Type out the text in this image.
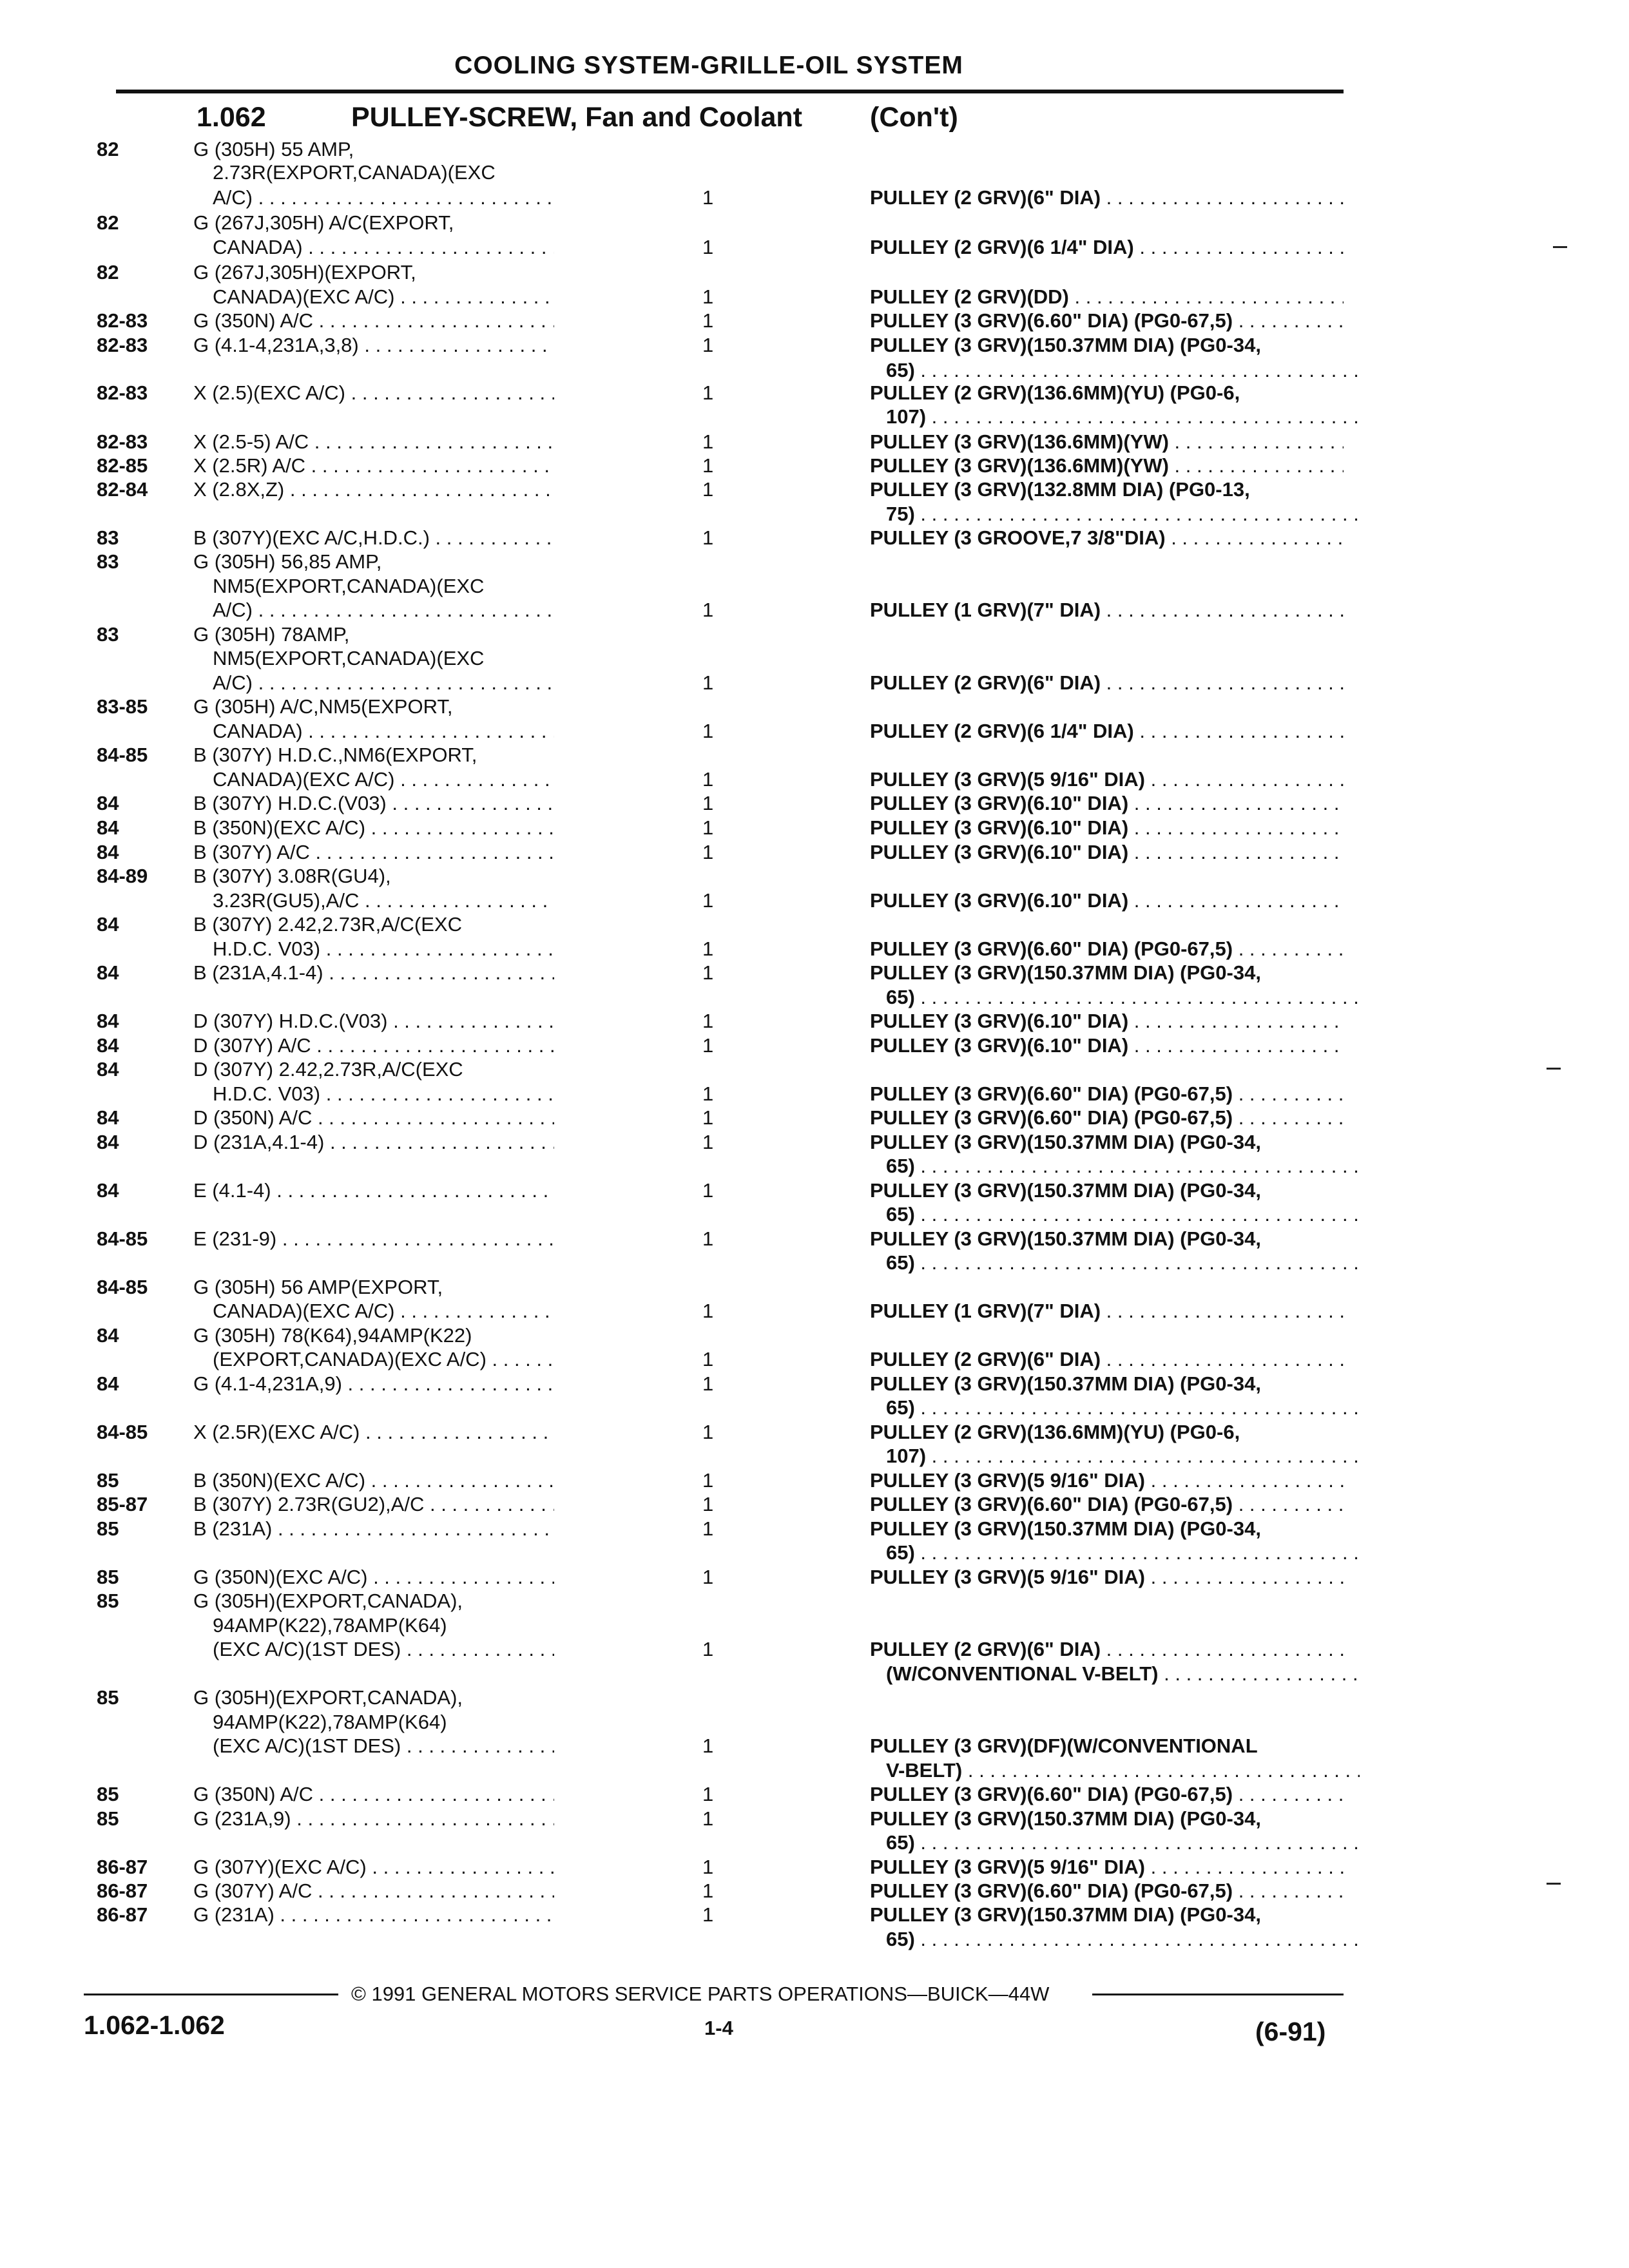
COOLING SYSTEM-GRILLE-OIL SYSTEM
1.062	PULLEY-SCREW, Fan and Coolant (Con't)
82	G (305H) 55 AMP,
2.73R(EXPORT,CANADA)(EXC
A/C) . . .	1	PULLEY (2 GRV)(6" DIA) . . .
82	G (267J,305H) A/C(EXPORT,
CANADA) . . .	1	PULLEY (2 GRV)(6 1/4" DIA) . . .
82	G (267J,305H)(EXPORT,
CANADA)(EXC A/C) . . .	1	PULLEY (2 GRV)(DD) . . .
82-83	G (350N) A/C . . .	1	PULLEY (3 GRV)(6.60" DIA) (PG0-67,5) . . .
82-83	G (4.1-4,231A,3,8) . . .	1	PULLEY (3 GRV)(150.37MM DIA) (PG0-34,
65) . . .
82-83	X (2.5)(EXC A/C) . . .	1	PULLEY (2 GRV)(136.6MM)(YU) (PG0-6,
107) . . .
82-83	X (2.5-5) A/C . . .	1	PULLEY (3 GRV)(136.6MM)(YW) . . .
82-85	X (2.5R) A/C . . .	1	PULLEY (3 GRV)(136.6MM)(YW) . . .
82-84	X (2.8X,Z) . . .	1	PULLEY (3 GRV)(132.8MM DIA) (PG0-13,
75) . . .
83	B (307Y)(EXC A/C,H.D.C.) . . .	1	PULLEY (3 GROOVE,7 3/8"DIA) . . .
83	G (305H) 56,85 AMP,
NM5(EXPORT,CANADA)(EXC
A/C) . . .	1	PULLEY (1 GRV)(7" DIA) . . .
83	G (305H) 78AMP,
NM5(EXPORT,CANADA)(EXC
A/C) . . .	1	PULLEY (2 GRV)(6" DIA) . . .
83-85	G (305H) A/C,NM5(EXPORT,
CANADA) . . .	1	PULLEY (2 GRV)(6 1/4" DIA) . . .
84-85	B (307Y) H.D.C.,NM6(EXPORT,
CANADA)(EXC A/C) . . .	1	PULLEY (3 GRV)(5 9/16" DIA) . . .
84	B (307Y) H.D.C.(V03) . . .	1	PULLEY (3 GRV)(6.10" DIA) . . .
84	B (350N)(EXC A/C) . . .	1	PULLEY (3 GRV)(6.10" DIA) . . .
84	B (307Y) A/C . . .	1	PULLEY (3 GRV)(6.10" DIA) . . .
84-89	B (307Y) 3.08R(GU4),
3.23R(GU5),A/C . . .	1	PULLEY (3 GRV)(6.10" DIA) . . .
84	B (307Y) 2.42,2.73R,A/C(EXC
H.D.C. V03) . . .	1	PULLEY (3 GRV)(6.60" DIA) (PG0-67,5) . . .
84	B (231A,4.1-4) . . .	1	PULLEY (3 GRV)(150.37MM DIA) (PG0-34,
65) . . .
84	D (307Y) H.D.C.(V03) . . .	1	PULLEY (3 GRV)(6.10" DIA) . . .
84	D (307Y) A/C . . .	1	PULLEY (3 GRV)(6.10" DIA) . . .
84	D (307Y) 2.42,2.73R,A/C(EXC
H.D.C. V03) . . .	1	PULLEY (3 GRV)(6.60" DIA) (PG0-67,5) . . .
84	D (350N) A/C . . .	1	PULLEY (3 GRV)(6.60" DIA) (PG0-67,5) . . .
84	D (231A,4.1-4) . . .	1	PULLEY (3 GRV)(150.37MM DIA) (PG0-34,
65) . . .
84	E (4.1-4) . . .	1	PULLEY (3 GRV)(150.37MM DIA) (PG0-34,
65) . . .
84-85	E (231-9) . . .	1	PULLEY (3 GRV)(150.37MM DIA) (PG0-34,
65) . . .
84-85	G (305H) 56 AMP(EXPORT,
CANADA)(EXC A/C) . . .	1	PULLEY (1 GRV)(7" DIA) . . .
84	G (305H) 78(K64),94AMP(K22)
(EXPORT,CANADA)(EXC A/C) . . .	1	PULLEY (2 GRV)(6" DIA) . . .
84	G (4.1-4,231A,9) . . .	1	PULLEY (3 GRV)(150.37MM DIA) (PG0-34,
65) . . .
84-85	X (2.5R)(EXC A/C) . . .	1	PULLEY (2 GRV)(136.6MM)(YU) (PG0-6,
107) . . .
85	B (350N)(EXC A/C) . . .	1	PULLEY (3 GRV)(5 9/16" DIA) . . .
85-87	B (307Y) 2.73R(GU2),A/C . . .	1	PULLEY (3 GRV)(6.60" DIA) (PG0-67,5) . . .
85	B (231A) . . .	1	PULLEY (3 GRV)(150.37MM DIA) (PG0-34,
65) . . .
85	G (350N)(EXC A/C) . . .	1	PULLEY (3 GRV)(5 9/16" DIA) . . .
85	G (305H)(EXPORT,CANADA),
94AMP(K22),78AMP(K64)
(EXC A/C)(1ST DES) . . .	1	PULLEY (2 GRV)(6" DIA) . . .
(W/CONVENTIONAL V-BELT) . . .
85	G (305H)(EXPORT,CANADA),
94AMP(K22),78AMP(K64)
(EXC A/C)(1ST DES) . . .	1	PULLEY (3 GRV)(DF)(W/CONVENTIONAL
V-BELT) . . .
85	G (350N) A/C . . .	1	PULLEY (3 GRV)(6.60" DIA) (PG0-67,5) . . .
85	G (231A,9) . . .	1	PULLEY (3 GRV)(150.37MM DIA) (PG0-34,
65) . . .
86-87	G (307Y)(EXC A/C) . . .	1	PULLEY (3 GRV)(5 9/16" DIA) . . .
86-87	G (307Y) A/C . . .	1	PULLEY (3 GRV)(6.60" DIA) (PG0-67,5) . . .
86-87	G (231A) . . .	1	PULLEY (3 GRV)(150.37MM DIA) (PG0-34,
65) . . .
© 1991 GENERAL MOTORS SERVICE PARTS OPERATIONS—BUICK—44W
1.062-1.062	1-4	(6-91)
